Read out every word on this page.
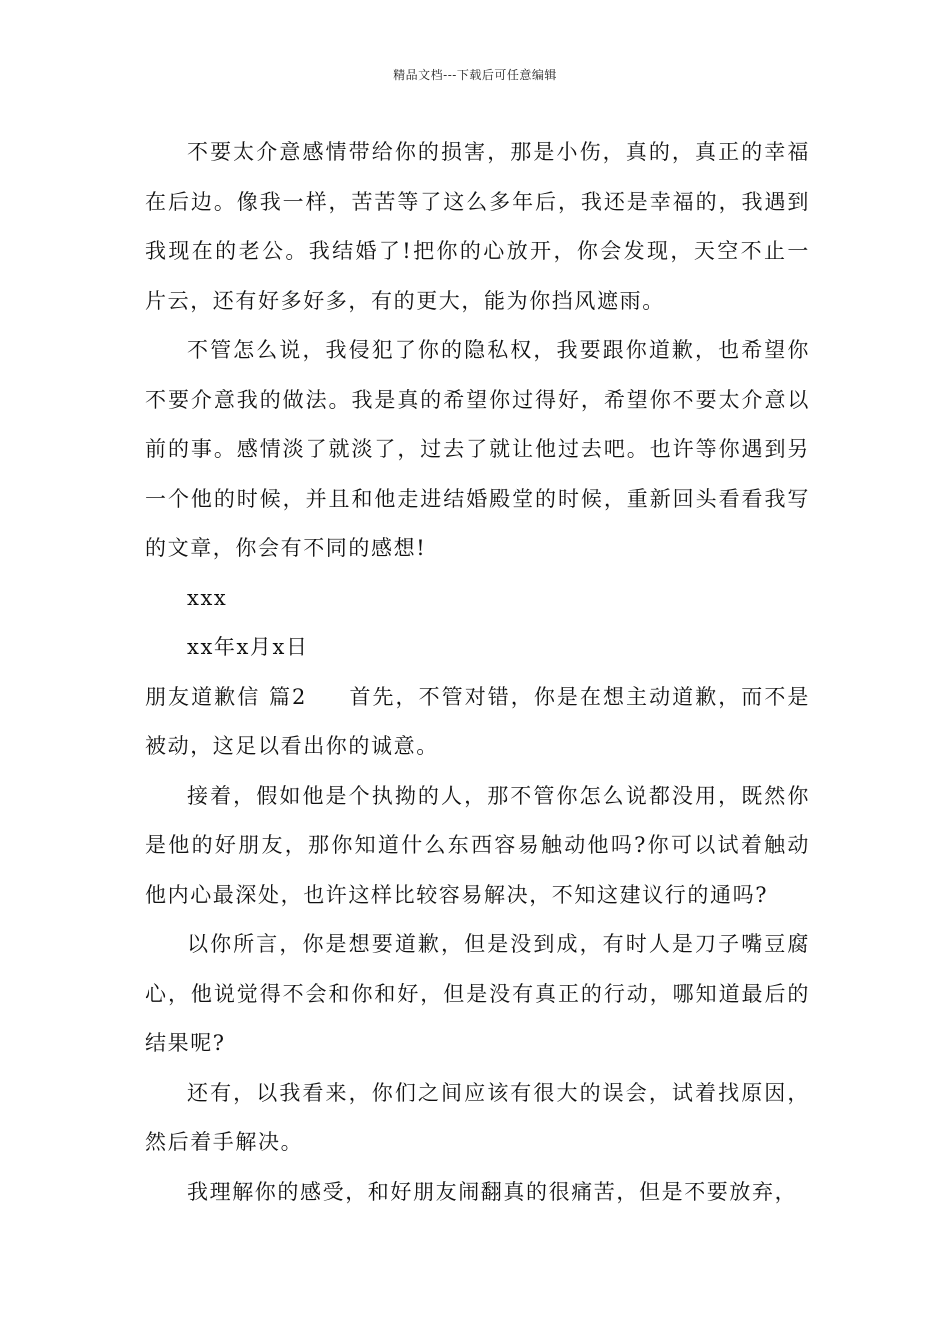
精品文档---下载后可任意编辑

不要太介意感情带给你的损害，那是小伤，真的，真正的幸福在后边。像我一样，苦苦等了这么多年后，我还是幸福的，我遇到我现在的老公。我结婚了!把你的心放开，你会发现，天空不止一片云，还有好多好多，有的更大，能为你挡风遮雨。

不管怎么说，我侵犯了你的隐私权，我要跟你道歉，也希望你不要介意我的做法。我是真的希望你过得好，希望你不要太介意以前的事。感情淡了就淡了，过去了就让他过去吧。也许等你遇到另一个他的时候，并且和他走进结婚殿堂的时候，重新回头看看我写的文章，你会有不同的感想!

xxx
xx年x月x日

朋友道歉信 篇2 首先，不管对错，你是在想主动道歉，而不是被动，这足以看出你的诚意。

接着，假如他是个执拗的人，那不管你怎么说都没用，既然你是他的好朋友，那你知道什么东西容易触动他吗?你可以试着触动他内心最深处，也许这样比较容易解决，不知这建议行的通吗?

以你所言，你是想要道歉，但是没到成，有时人是刀子嘴豆腐心，他说觉得不会和你和好，但是没有真正的行动，哪知道最后的结果呢?

还有，以我看来，你们之间应该有很大的误会，试着找原因，然后着手解决。

我理解你的感受，和好朋友闹翻真的很痛苦，但是不要放弃，
